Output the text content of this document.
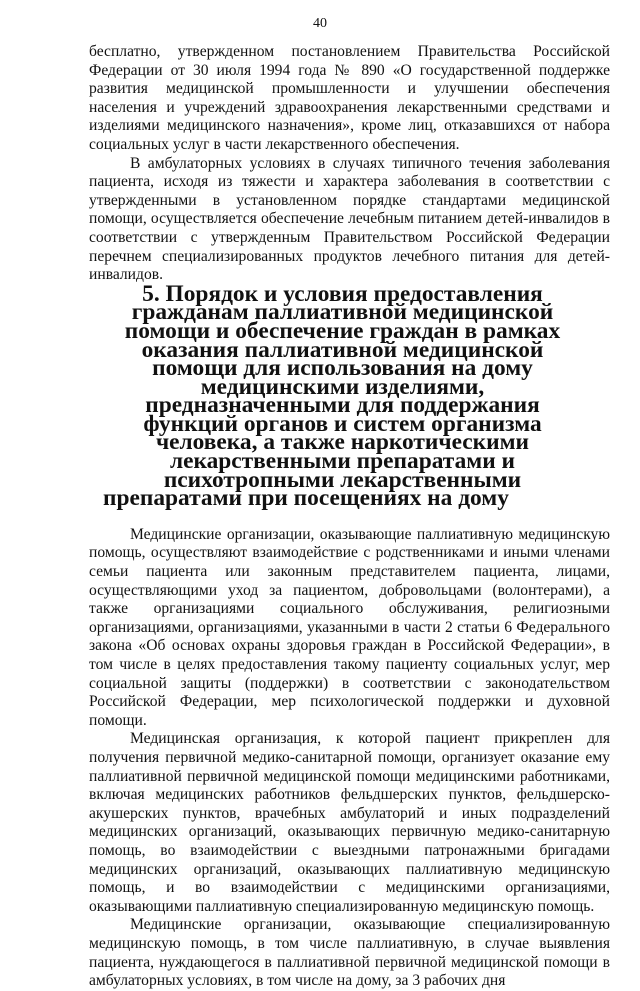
40

бесплатно, утвержденном постановлением Правительства Российской Федерации от 30 июля 1994 года № 890 «О государственной поддержке развития медицинской промышленности и улучшении обеспечения населения и учреждений здравоохранения лекарственными средствами и изделиями медицинского назначения», кроме лиц, отказавшихся от набора социальных услуг в части лекарственного обеспечения.

В амбулаторных условиях в случаях типичного течения заболевания пациента, исходя из тяжести и характера заболевания в соответствии с утвержденными в установленном порядке стандартами медицинской помощи, осуществляется обеспечение лечебным питанием детей-инвалидов в соответствии с утвержденным Правительством Российской Федерации перечнем специализированных продуктов лечебного питания для детей-инвалидов.

5. Порядок и условия предоставления гражданам паллиативной медицинской помощи и обеспечение граждан в рамках оказания паллиативной медицинской помощи для использования на дому медицинскими изделиями, предназначенными для поддержания функций органов и систем организма человека, а также наркотическими лекарственными препаратами и психотропными лекарственными препаратами при посещениях на дому

Медицинские организации, оказывающие паллиативную медицинскую помощь, осуществляют взаимодействие с родственниками и иными членами семьи пациента или законным представителем пациента, лицами, осуществляющими уход за пациентом, добровольцами (волонтерами), а также организациями социального обслуживания, религиозными организациями, организациями, указанными в части 2 статьи 6 Федерального закона «Об основах охраны здоровья граждан в Российской Федерации», в том числе в целях предоставления такому пациенту социальных услуг, мер социальной защиты (поддержки) в соответствии с законодательством Российской Федерации, мер психологической поддержки и духовной помощи.

Медицинская организация, к которой пациент прикреплен для получения первичной медико-санитарной помощи, организует оказание ему паллиативной первичной медицинской помощи медицинскими работниками, включая медицинских работников фельдшерских пунктов, фельдшерско-акушерских пунктов, врачебных амбулаторий и иных подразделений медицинских организаций, оказывающих первичную медико-санитарную помощь, во взаимодействии с выездными патронажными бригадами медицинских организаций, оказывающих паллиативную медицинскую помощь, и во взаимодействии с медицинскими организациями, оказывающими паллиативную специализированную медицинскую помощь.

Медицинские организации, оказывающие специализированную медицинскую помощь, в том числе паллиативную, в случае выявления пациента, нуждающегося в паллиативной первичной медицинской помощи в амбулаторных условиях, в том числе на дому, за 3 рабочих дня
